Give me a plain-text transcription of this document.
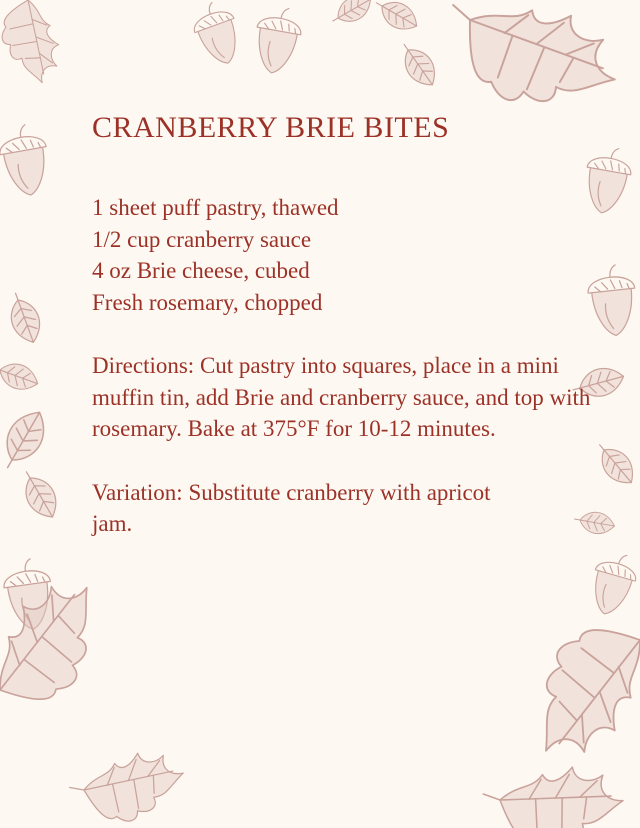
CRANBERRY BRIE BITES
1 sheet puff pastry, thawed
1/2 cup cranberry sauce
4 oz Brie cheese, cubed
Fresh rosemary, chopped

Directions: Cut pastry into squares, place in a mini muffin tin, add Brie and cranberry sauce, and top with rosemary. Bake at 375°F for 10-12 minutes.

Variation: Substitute cranberry with apricot jam.
